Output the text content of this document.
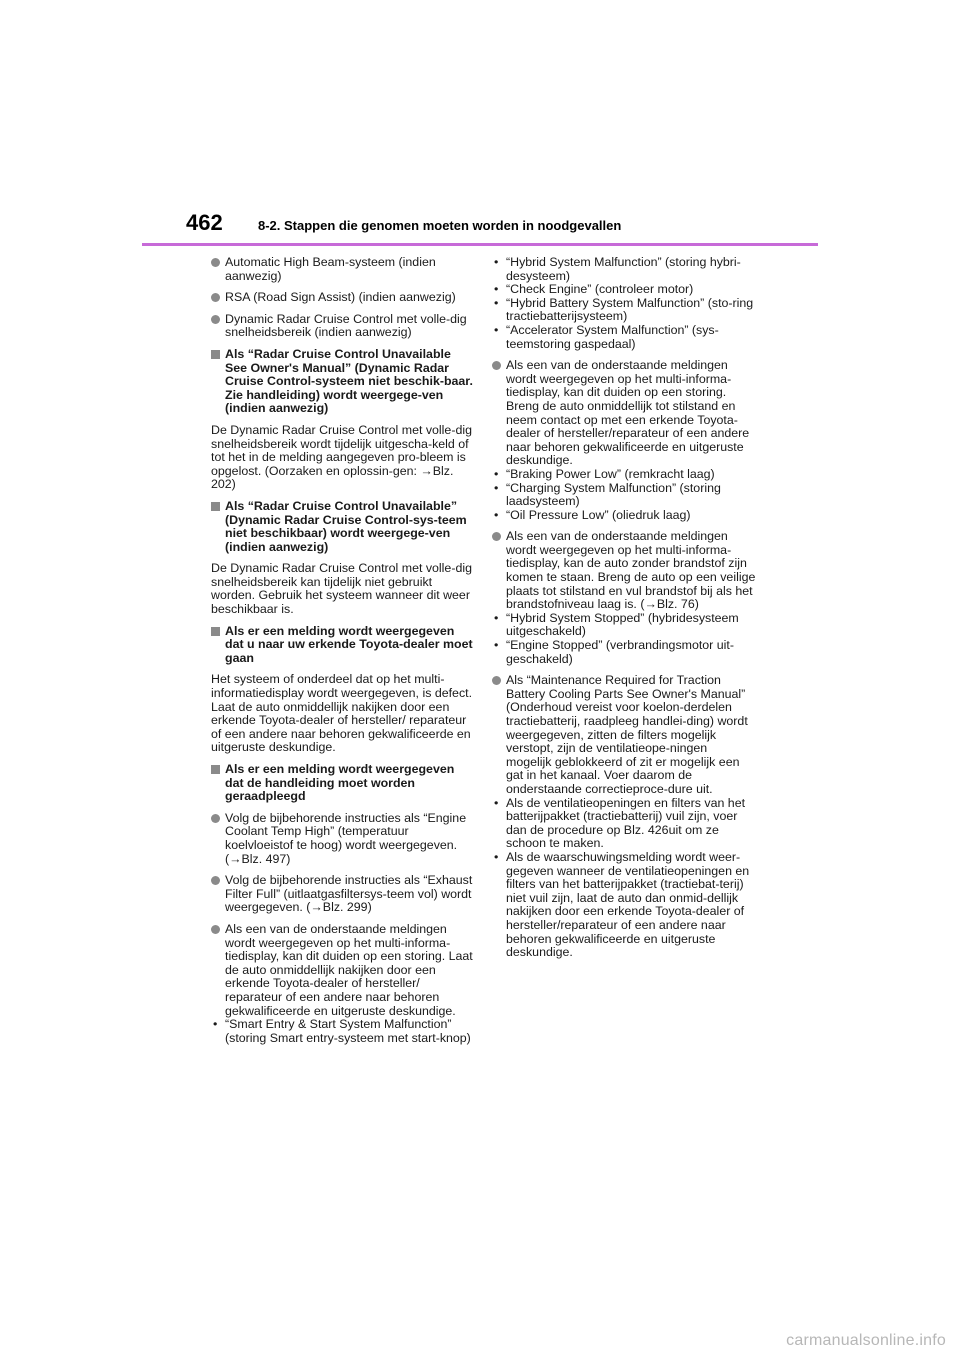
462	8-2. Stappen die genomen moeten worden in noodgevallen
Automatic High Beam-systeem (indien aanwezig)
RSA (Road Sign Assist) (indien aanwezig)
Dynamic Radar Cruise Control met volle-dig snelheidsbereik (indien aanwezig)
Als “Radar Cruise Control Unavailable See Owner's Manual” (Dynamic Radar Cruise Control-systeem niet beschik-baar. Zie handleiding) wordt weergege-ven (indien aanwezig)
De Dynamic Radar Cruise Control met volle-dig snelheidsbereik wordt tijdelijk uitgescha-keld of tot het in de melding aangegeven pro-bleem is opgelost. (Oorzaken en oplossin-gen: →Blz. 202)
Als “Radar Cruise Control Unavailable” (Dynamic Radar Cruise Control-sys-teem niet beschikbaar) wordt weergege-ven (indien aanwezig)
De Dynamic Radar Cruise Control met volle-dig snelheidsbereik kan tijdelijk niet gebruikt worden. Gebruik het systeem wanneer dit weer beschikbaar is.
Als er een melding wordt weergegeven dat u naar uw erkende Toyota-dealer moet gaan
Het systeem of onderdeel dat op het multi-informatiedisplay wordt weergegeven, is defect. Laat de auto onmiddellijk nakijken door een erkende Toyota-dealer of hersteller/ reparateur of een andere naar behoren gekwalificeerde en uitgeruste deskundige.
Als er een melding wordt weergegeven dat de handleiding moet worden geraadpleegd
Volg de bijbehorende instructies als “Engine Coolant Temp High” (temperatuur koelvloeistof te hoog) wordt weergegeven. (→Blz. 497)
Volg de bijbehorende instructies als “Exhaust Filter Full” (uitlaatgasfiltersys-teem vol) wordt weergegeven. (→Blz. 299)
Als een van de onderstaande meldingen wordt weergegeven op het multi-informa-tiedisplay, kan dit duiden op een storing. Laat de auto onmiddellijk nakijken door een erkende Toyota-dealer of hersteller/ reparateur of een andere naar behoren gekwalificeerde en uitgeruste deskundige.
• “Smart Entry & Start System Malfunction” (storing Smart entry-systeem met start-knop)
• “Hybrid System Malfunction” (storing hybri-desysteem)
• “Check Engine” (controleer motor)
• “Hybrid Battery System Malfunction” (sto-ring tractiebatterijsysteem)
• “Accelerator System Malfunction” (sys-teemstoring gaspedaal)
Als een van de onderstaande meldingen wordt weergegeven op het multi-informa-tiedisplay, kan dit duiden op een storing. Breng de auto onmiddellijk tot stilstand en neem contact op met een erkende Toyota-dealer of hersteller/reparateur of een andere naar behoren gekwalificeerde en uitgeruste deskundige.
• “Braking Power Low” (remkracht laag)
• “Charging System Malfunction” (storing laadsysteem)
• “Oil Pressure Low” (oliedruk laag)
Als een van de onderstaande meldingen wordt weergegeven op het multi-informa-tiedisplay, kan de auto zonder brandstof zijn komen te staan. Breng de auto op een veilige plaats tot stilstand en vul brandstof bij als het brandstofniveau laag is. (→Blz. 76)
• “Hybrid System Stopped” (hybridesysteem uitgeschakeld)
• “Engine Stopped” (verbrandingsmotor uit-geschakeld)
Als “Maintenance Required for Traction Battery Cooling Parts See Owner's Manual” (Onderhoud vereist voor koelon-derdelen tractiebatterij, raadpleeg handlei-ding) wordt weergegeven, zitten de filters mogelijk verstopt, zijn de ventilatieope-ningen mogelijk geblokkeerd of zit er mogelijk een gat in het kanaal. Voer daarom de onderstaande correctieproce-dure uit.
• Als de ventilatieopeningen en filters van het batterijpakket (tractiebatterij) vuil zijn, voer dan de procedure op Blz. 426uit om ze schoon te maken.
• Als de waarschuwingsmelding wordt weer-gegeven wanneer de ventilatieopeningen en filters van het batterijpakket (tractiebat-terij) niet vuil zijn, laat de auto dan onmid-dellijk nakijken door een erkende Toyota-dealer of hersteller/reparateur of een andere naar behoren gekwalificeerde en uitgeruste deskundige.
carmanualsonline.info
